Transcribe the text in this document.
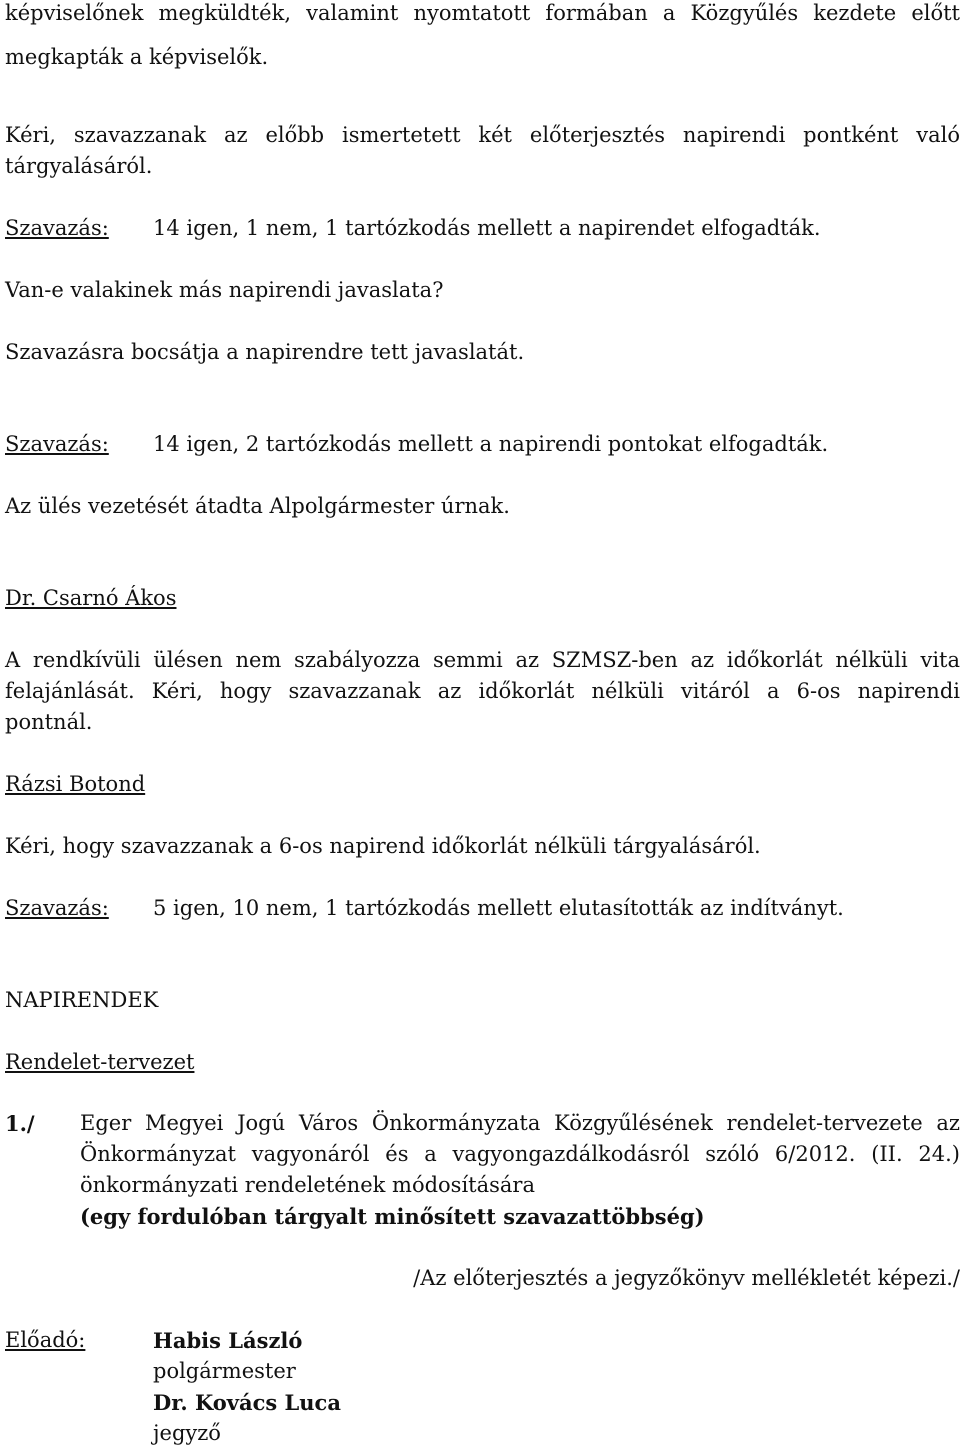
képviselőnek megküldték, valamint nyomtatott formában a Közgyűlés kezdete előtt
megkapták a képviselők.
Kéri, szavazzanak az előbb ismertetett két előterjesztés napirendi pontként való
tárgyalásáról.
Szavazás: 14 igen, 1 nem, 1 tartózkodás mellett a napirendet elfogadták.
Van-e valakinek más napirendi javaslata?
Szavazásra bocsátja a napirendre tett javaslatát.
Szavazás: 14 igen, 2 tartózkodás mellett a napirendi pontokat elfogadták.
Az ülés vezetését átadta Alpolgármester úrnak.
Dr. Csarnó Ákos
A rendkívüli ülésen nem szabályozza semmi az SZMSZ-ben az időkorlát nélküli vita
felajánlását. Kéri, hogy szavazzanak az időkorlát nélküli vitáról a 6-os napirendi
pontnál.
Rázsi Botond
Kéri, hogy szavazzanak a 6-os napirend időkorlát nélküli tárgyalásáról.
Szavazás: 5 igen, 10 nem, 1 tartózkodás mellett elutasították az indítványt.
NAPIRENDEK
Rendelet-tervezet
1./ Eger Megyei Jogú Város Önkormányzata Közgyűlésének rendelet-tervezete az
Önkormányzat vagyonáról és a vagyongazdálkodásról szóló 6/2012. (II. 24.)
önkormányzati rendeletének módosítására
(egy fordulóban tárgyalt minősített szavazattöbbség)
/Az előterjesztés a jegyzőkönyv mellékletét képezi./
Előadó:	Habis László
polgármester
Dr. Kovács Luca
jegyző
